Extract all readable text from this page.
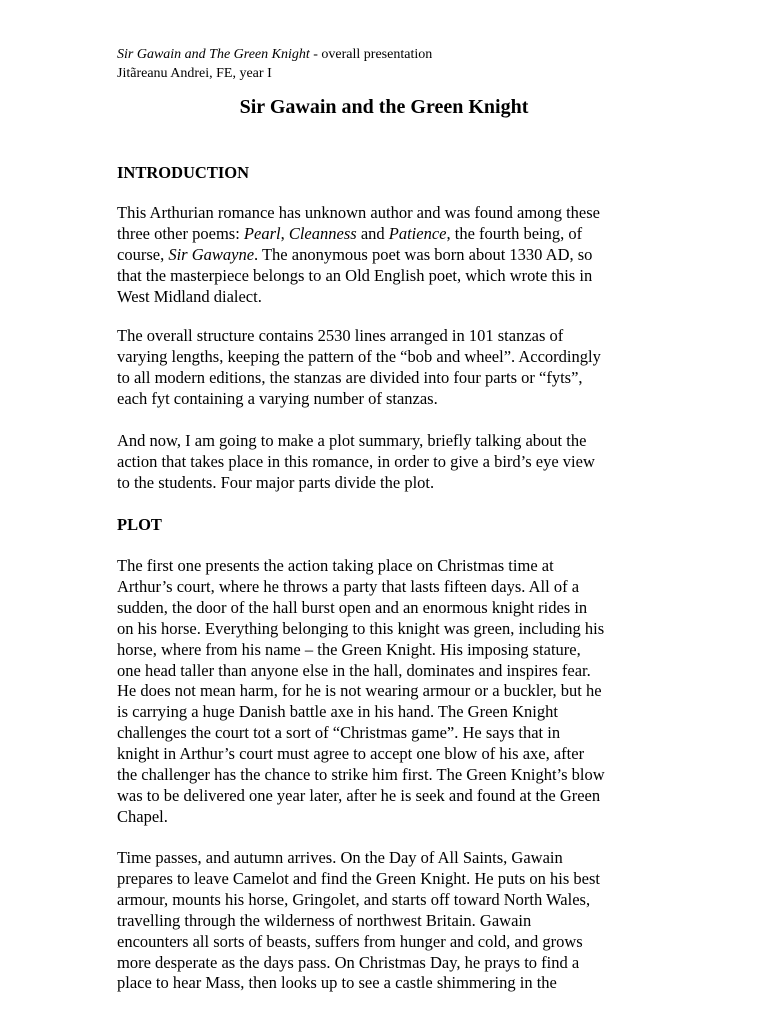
Sir Gawain and The Green Knight - overall presentation

Jitãreanu Andrei, FE, year I

Sir Gawain and the Green Knight
INTRODUCTION

This Arthurian romance has unknown author and was found among these
three other poems: Pearl, Cleanness and Patience, the fourth being, of
course, Sir Gawayne. The anonymous poet was born about 1330 AD, so
that the masterpiece belongs to an Old English poet, which wrote this in
West Midland dialect.

The overall structure contains 2530 lines arranged in 101 stanzas of
varying lengths, keeping the pattern of the “bob and wheel”. Accordingly
to all modern editions, the stanzas are divided into four parts or “fyts”,
each fyt containing a varying number of stanzas.

And now, I am going to make a plot summary, briefly talking about the
action that takes place in this romance, in order to give a bird’s eye view
to the students. Four major parts divide the plot.

PLOT

The first one presents the action taking place on Christmas time at
Arthur’s court, where he throws a party that lasts fifteen days. All of a
sudden, the door of the hall burst open and an enormous knight rides in
on his horse. Everything belonging to this knight was green, including his
horse, where from his name – the Green Knight. His imposing stature,
one head taller than anyone else in the hall, dominates and inspires fear.
He does not mean harm, for he is not wearing armour or a buckler, but he
is carrying a huge Danish battle axe in his hand. The Green Knight
challenges the court tot a sort of “Christmas game”. He says that in
knight in Arthur’s court must agree to accept one blow of his axe, after
the challenger has the chance to strike him first. The Green Knight’s blow
was to be delivered one year later, after he is seek and found at the Green
Chapel.

Time passes, and autumn arrives. On the Day of All Saints, Gawain
prepares to leave Camelot and find the Green Knight. He puts on his best
armour, mounts his horse, Gringolet, and starts off toward North Wales,
travelling through the wilderness of northwest Britain. Gawain
encounters all sorts of beasts, suffers from hunger and cold, and grows
more desperate as the days pass. On Christmas Day, he prays to find a
place to hear Mass, then looks up to see a castle shimmering in the
